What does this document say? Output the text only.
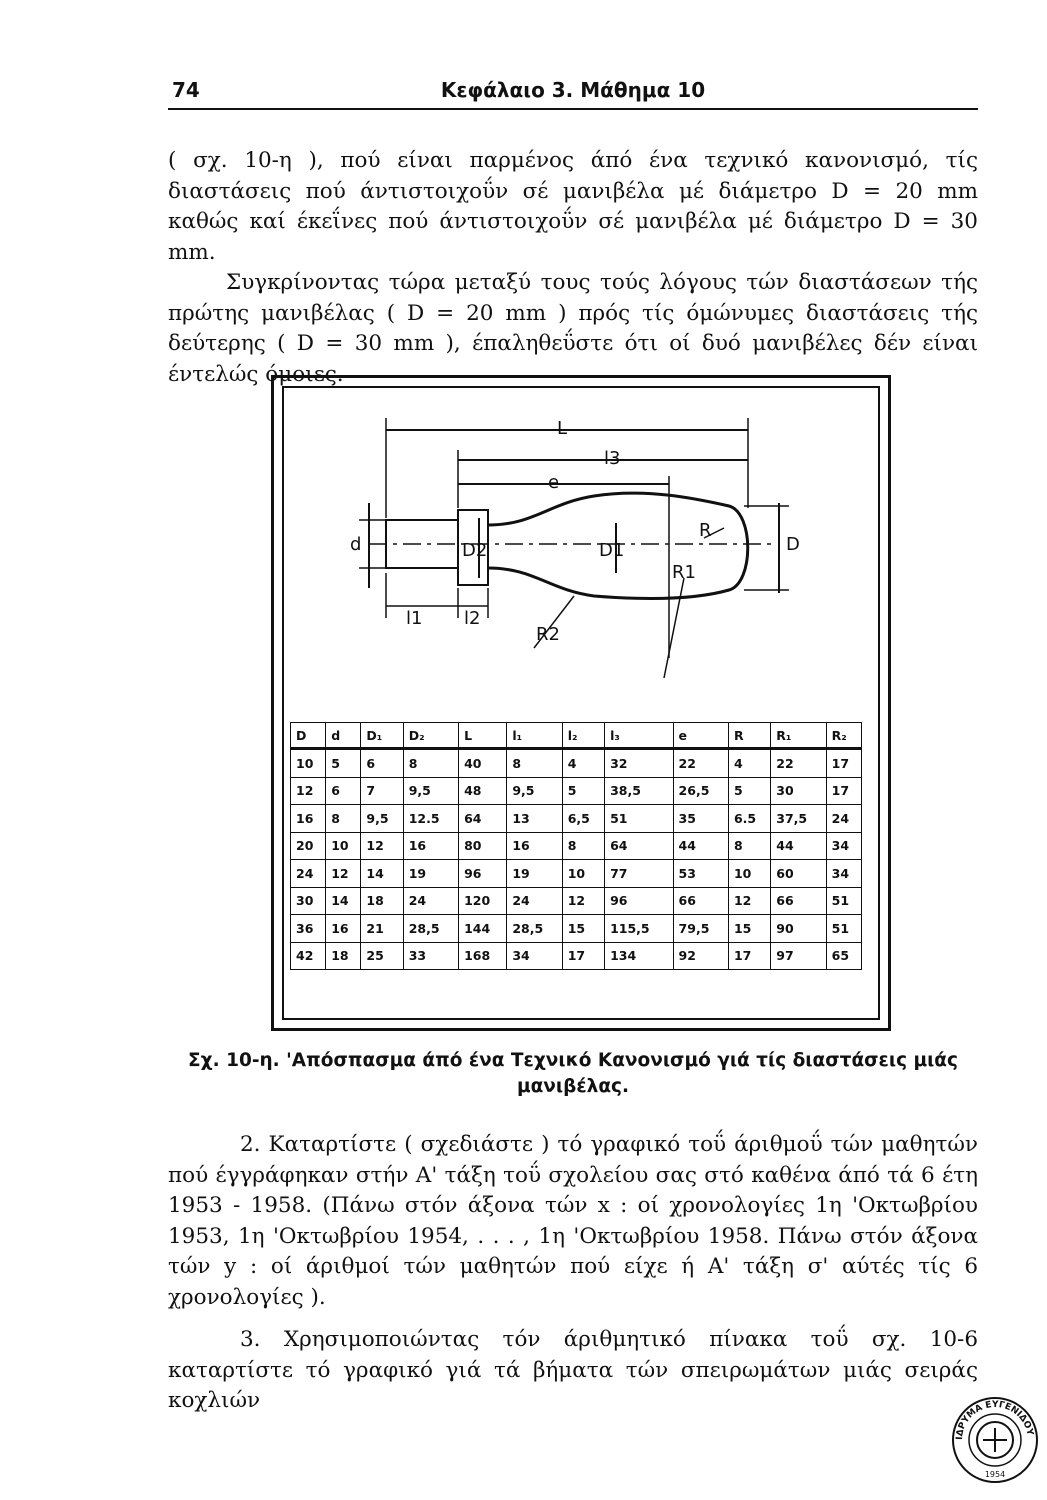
74	Κεφάλαιο 3. Μάθημα 10
( σχ. 10-η ), πού είναι παρμένος άπό ένα τεχνικό κανονισμό, τίς διαστάσεις πού άντιστοιχοΰν σέ μανιβέλα μέ διάμετρο D = 20 mm καθώς καί έκεΐνες πού άντιστοιχοΰν σέ μανιβέλα μέ διάμετρο D = 30 mm.
Συγκρίνοντας τώρα μεταξύ τους τούς λόγους τών διαστάσεων τής πρώτης μανιβέλας ( D = 20 mm ) πρός τίς όμώνυμες διαστάσεις τής δεύτερης ( D = 30 mm ), έπαληθεΰστε ότι οί δυό μανιβέλες δέν είναι έντελώς όμοιες.
L
l3
e
d	D2	D1
R
R1
D
l1 l2
R2
D	d	D₁	D₂	L	l₁	l₂	l₃	e	R	R₁	R₂
10	5	6	8	40	8	4	32	22	4	22	17
12	6	7	9,5	48	9,5	5	38,5	26,5	5	30	17
16	8	9,5	12.5	64	13	6,5	51	35	6.5	37,5	24
20	10	12	16	80	16	8	64	44	8	44	34
24	12	14	19	96	19	10	77	53	10	60	34
30	14	18	24	120	24	12	96	66	12	66	51
36	16	21	28,5	144	28,5	15	115,5	79,5	15	90	51
42	18	25	33	168	34	17	134	92	17	97	65
Σχ. 10-η. 'Απόσπασμα άπό ένα Τεχνικό Κανονισμό γιά τίς διαστάσεις μιάς
μανιβέλας.
2. Καταρτίστε ( σχεδιάστε ) τό γραφικό τοΰ άριθμοΰ τών μαθητών πού έγγράφηκαν στήν Α' τάξη τοΰ σχολείου σας στό καθένα άπό τά 6 έτη 1953 - 1958. (Πάνω στόν άξονα τών x : οί χρονολογίες 1η 'Οκτωβρίου 1953, 1η 'Οκτωβρίου 1954, . . . , 1η 'Οκτωβρίου 1958. Πάνω στόν άξονα τών y : οί άριθμοί τών μαθητών πού είχε ή Α' τάξη σ' αύτές τίς 6 χρονολογίες ).
3. Χρησιμοποιώντας τόν άριθμητικό πίνακα τοΰ σχ. 10-6 καταρτίστε τό γραφικό γιά τά βήματα τών σπειρωμάτων μιάς σειράς κοχλιών
ΙΔΡΥΜΑ ΕΥΓΕΝΙΔΟΥ
1954
